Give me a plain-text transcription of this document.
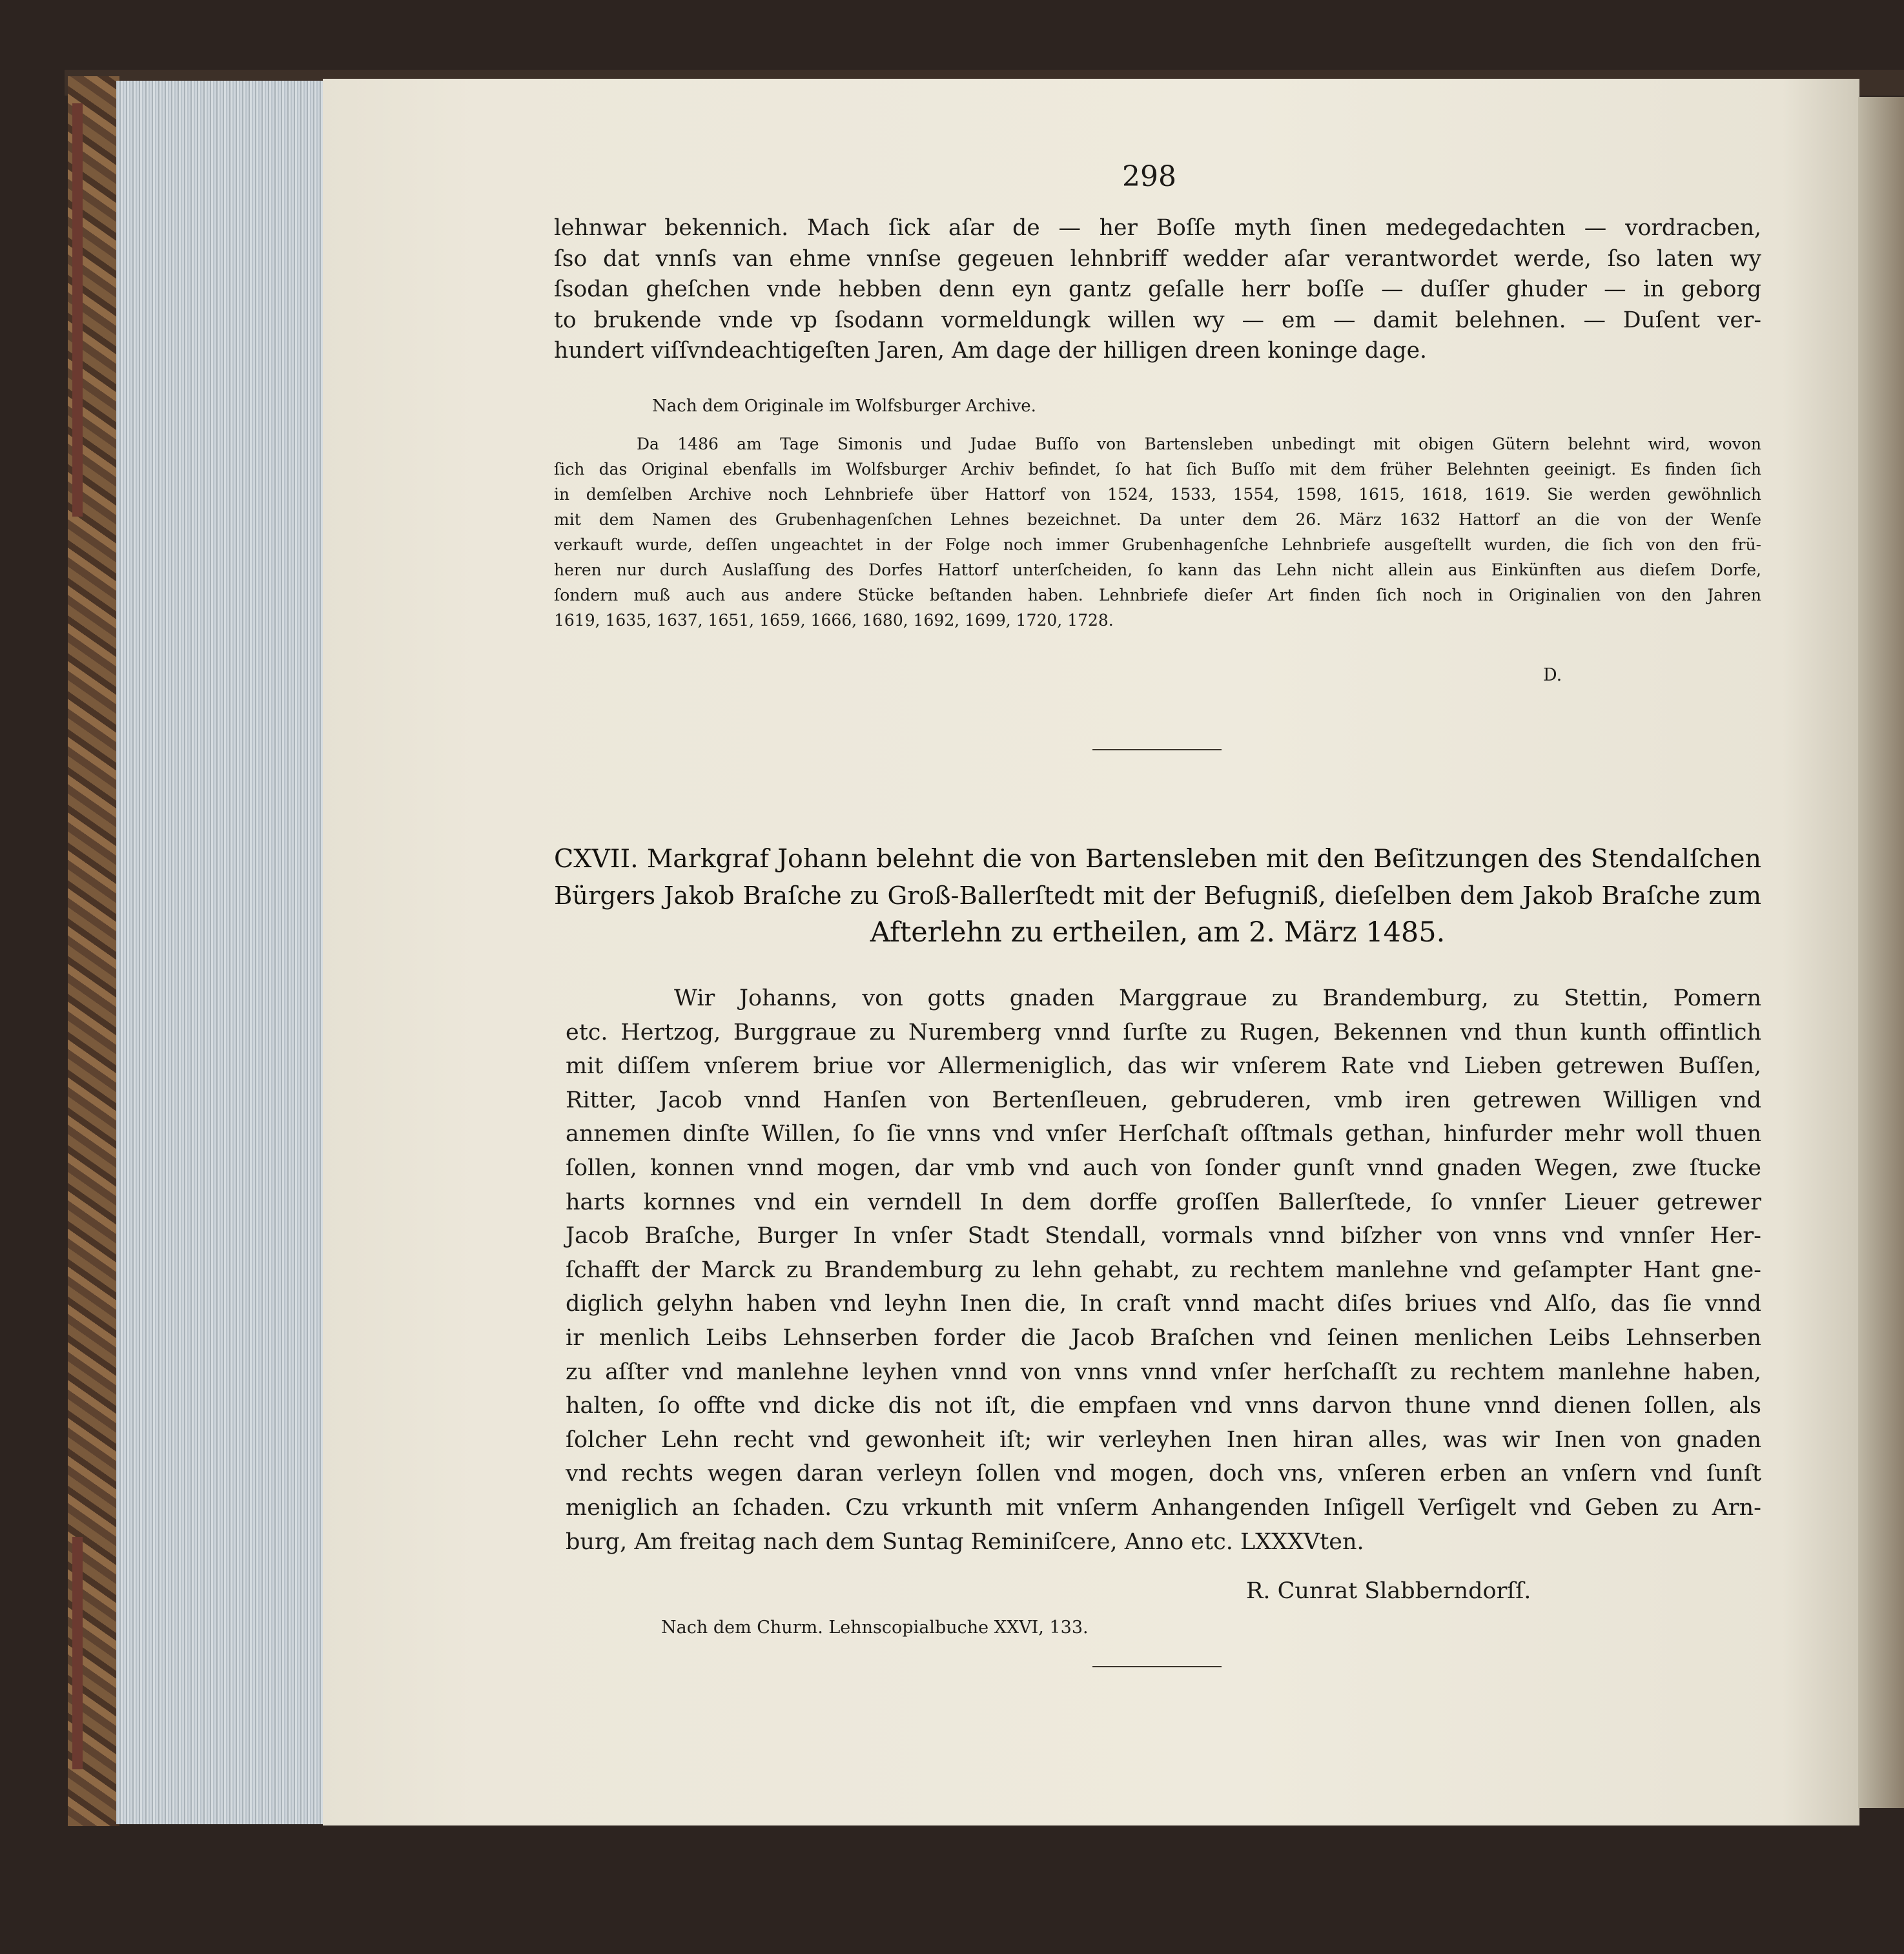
298
lehnwar bekennich. Mach ſick aſar de — her Boſſe myth ſinen medegedachten — vordracben,
ſso dat vnnſs van ehme vnnſse gegeuen lehnbriff wedder aſar verantwordet werde, ſso laten wy
ſsodan gheſchen vnde hebben denn eyn gantz geſalle herr boſſe — duſſer ghuder — in geborg
to brukende vnde vp ſsodann vormeldungk willen wy — em — damit belehnen. — Duſent ver-
hundert viſſvndeachtigeſten Jaren, Am dage der hilligen dreen koninge dage.
Nach dem Originale im Wolfsburger Archive.
Da 1486 am Tage Simonis und Judae Buſſo von Bartensleben unbedingt mit obigen Gütern belehnt wird, wovon
ſich das Original ebenfalls im Wolfsburger Archiv befindet, ſo hat ſich Buſſo mit dem früher Belehnten geeinigt. Es finden ſich
in demſelben Archive noch Lehnbriefe über Hattorf von 1524, 1533, 1554, 1598, 1615, 1618, 1619. Sie werden gewöhnlich
mit dem Namen des Grubenhagenſchen Lehnes bezeichnet. Da unter dem 26. März 1632 Hattorf an die von der Wenſe
verkauft wurde, deſſen ungeachtet in der Folge noch immer Grubenhagenſche Lehnbriefe ausgeſtellt wurden, die ſich von den frü-
heren nur durch Auslaſſung des Dorfes Hattorf unterſcheiden, ſo kann das Lehn nicht allein aus Einkünften aus dieſem Dorfe,
ſondern muß auch aus andere Stücke beſtanden haben. Lehnbriefe dieſer Art finden ſich noch in Originalien von den Jahren
1619, 1635, 1637, 1651, 1659, 1666, 1680, 1692, 1699, 1720, 1728.
D.
CXVII. Markgraf Johann belehnt die von Bartensleben mit den Beſitzungen des Stendalſchen
Bürgers Jakob Braſche zu Groß-Ballerſtedt mit der Befugniß, dieſelben dem Jakob Braſche zum
Afterlehn zu ertheilen, am 2. März 1485.
Wir Johanns, von gotts gnaden Marggraue zu Brandemburg, zu Stettin, Pomern
etc. Hertzog, Burggraue zu Nuremberg vnnd ſurſte zu Rugen, Bekennen vnd thun kunth offintlich
mit diſſem vnſerem briue vor Allermeniglich, das wir vnſerem Rate vnd Lieben getrewen Buſſen,
Ritter, Jacob vnnd Hanſen von Bertenſleuen, gebruderen, vmb iren getrewen Willigen vnd
annemen dinſte Willen, ſo ſie vnns vnd vnſer Herſchaſt oſſtmals gethan, hinfurder mehr woll thuen
ſollen, konnen vnnd mogen, dar vmb vnd auch von ſonder gunſt vnnd gnaden Wegen, zwe ſtucke
harts kornnes vnd ein verndell In dem dorffe groſſen Ballerſtede, ſo vnnſer Lieuer getrewer
Jacob Braſche, Burger In vnſer Stadt Stendall, vormals vnnd biſzher von vnns vnd vnnſer Her-
ſchafft der Marck zu Brandemburg zu lehn gehabt, zu rechtem manlehne vnd geſampter Hant gne-
diglich gelyhn haben vnd leyhn Inen die, In craſt vnnd macht diſes briues vnd Alſo, das ſie vnnd
ir menlich Leibs Lehnserben forder die Jacob Braſchen vnd ſeinen menlichen Leibs Lehnserben
zu aſſter vnd manlehne leyhen vnnd von vnns vnnd vnſer herſchaſſt zu rechtem manlehne haben,
halten, ſo offte vnd dicke dis not iſt, die empfaen vnd vnns darvon thune vnnd dienen ſollen, als
ſolcher Lehn recht vnd gewonheit iſt; wir verleyhen Inen hiran alles, was wir Inen von gnaden
vnd rechts wegen daran verleyn ſollen vnd mogen, doch vns, vnſeren erben an vnſern vnd ſunſt
meniglich an ſchaden. Czu vrkunth mit vnſerm Anhangenden Inſigell Verſigelt vnd Geben zu Arn-
burg, Am freitag nach dem Suntag Reminiſcere, Anno etc. LXXXVten.
R. Cunrat Slabberndorſſ.
Nach dem Churm. Lehnscopialbuche XXVI, 133.
